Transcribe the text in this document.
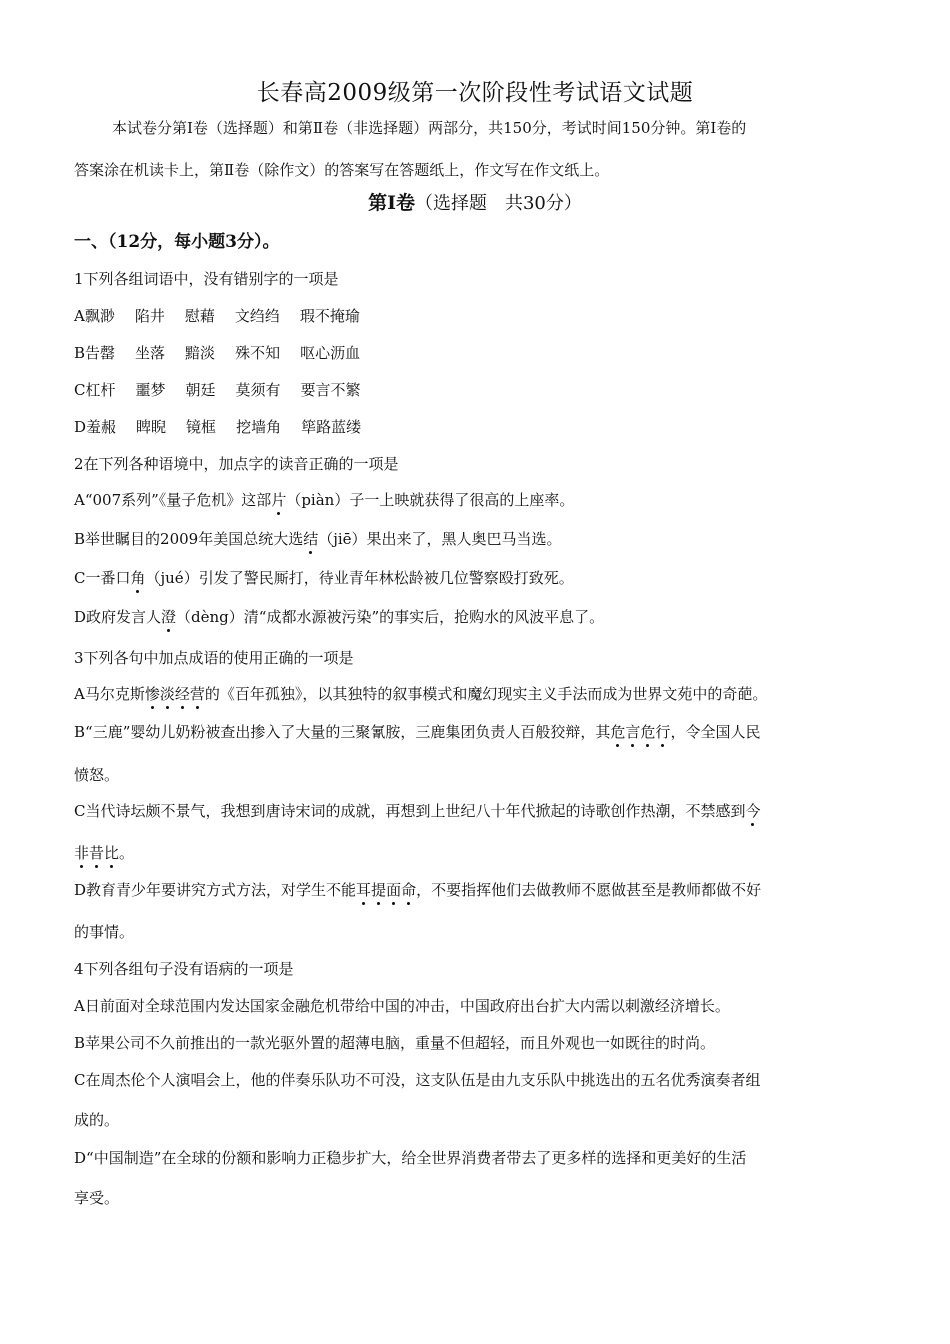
长春高2009级第一次阶段性考试语文试题
本试卷分第Ⅰ卷（选择题）和第Ⅱ卷（非选择题）两部分，共150分，考试时间150分钟。第Ⅰ卷的
答案涂在机读卡上，第Ⅱ卷（除作文）的答案写在答题纸上，作文写在作文纸上。
第Ⅰ卷（选择题　共30分）
一、（12分，每小题3分）。
1下列各组词语中，没有错别字的一项是
A飘渺 陷井 慰藉 文绉绉 瑕不掩瑜
B告罄 坐落 黯淡 殊不知 呕心沥血
C杠杆 噩梦 朝廷 莫须有 要言不繁
D羞赧 睥睨 镜框 挖墙角 筚路蓝缕
2在下列各种语境中，加点字的读音正确的一项是
A“007系列”《量子危机》这部片（piàn）子一上映就获得了很高的上座率。
B举世瞩目的2009年美国总统大选结（jiē）果出来了，黑人奥巴马当选。
C一番口角（jué）引发了警民厮打，待业青年林松龄被几位警察殴打致死。
D政府发言人澄（dèng）清“成都水源被污染”的事实后，抢购水的风波平息了。
3下列各句中加点成语的使用正确的一项是
A马尔克斯惨淡经营的《百年孤独》，以其独特的叙事模式和魔幻现实主义手法而成为世界文苑中的奇葩。
B“三鹿”婴幼儿奶粉被查出掺入了大量的三聚氰胺，三鹿集团负责人百般狡辩，其危言危行，令全国人民
愤怒。
C当代诗坛颇不景气，我想到唐诗宋词的成就，再想到上世纪八十年代掀起的诗歌创作热潮，不禁感到今
非昔比。
D教育青少年要讲究方式方法，对学生不能耳提面命，不要指挥他们去做教师不愿做甚至是教师都做不好
的事情。
4下列各组句子没有语病的一项是
A日前面对全球范围内发达国家金融危机带给中国的冲击，中国政府出台扩大内需以刺激经济增长。
B苹果公司不久前推出的一款光驱外置的超薄电脑，重量不但超轻，而且外观也一如既往的时尚。
C在周杰伦个人演唱会上，他的伴奏乐队功不可没，这支队伍是由九支乐队中挑选出的五名优秀演奏者组
成的。
D“中国制造”在全球的份额和影响力正稳步扩大，给全世界消费者带去了更多样的选择和更美好的生活
享受。
